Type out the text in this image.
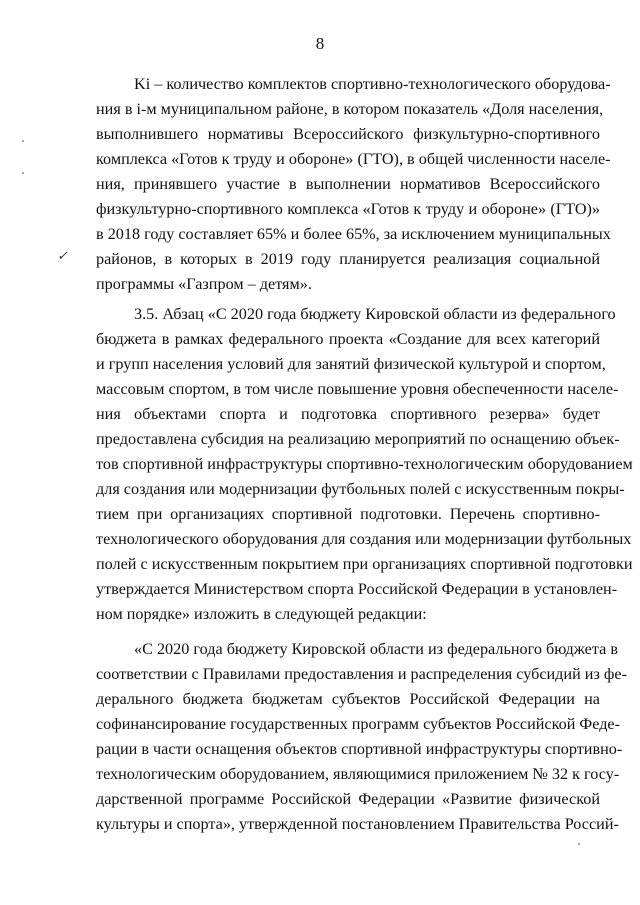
8
✓
Ki – количество комплектов спортивно-технологического оборудова-
ния в i-м муниципальном районе, в котором показатель «Доля населения,
выполнившего нормативы Всероссийского физкультурно-спортивного
комплекса «Готов к труду и обороне» (ГТО), в общей численности населе-
ния, принявшего участие в выполнении нормативов Всероссийского
физкультурно-спортивного комплекса «Готов к труду и обороне» (ГТО)»
в 2018 году составляет 65% и более 65%, за исключением муниципальных
районов, в которых в 2019 году планируется реализация социальной
программы «Газпром – детям».
3.5. Абзац «С 2020 года бюджету Кировской области из федерального
бюджета в рамках федерального проекта «Создание для всех категорий
и групп населения условий для занятий физической культурой и спортом,
массовым спортом, в том числе повышение уровня обеспеченности населе-
ния объектами спорта и подготовка спортивного резерва» будет
предоставлена субсидия на реализацию мероприятий по оснащению объек-
тов спортивной инфраструктуры спортивно-технологическим оборудованием
для создания или модернизации футбольных полей с искусственным покры-
тием при организациях спортивной подготовки. Перечень спортивно-
технологического оборудования для создания или модернизации футбольных
полей с искусственным покрытием при организациях спортивной подготовки
утверждается Министерством спорта Российской Федерации в установлен-
ном порядке» изложить в следующей редакции:
«С 2020 года бюджету Кировской области из федерального бюджета в
соответствии с Правилами предоставления и распределения субсидий из фе-
дерального бюджета бюджетам субъектов Российской Федерации на
софинансирование государственных программ субъектов Российской Феде-
рации в части оснащения объектов спортивной инфраструктуры спортивно-
технологическим оборудованием, являющимися приложением № 32 к госу-
дарственной программе Российской Федерации «Развитие физической
культуры и спорта», утвержденной постановлением Правительства Россий-
